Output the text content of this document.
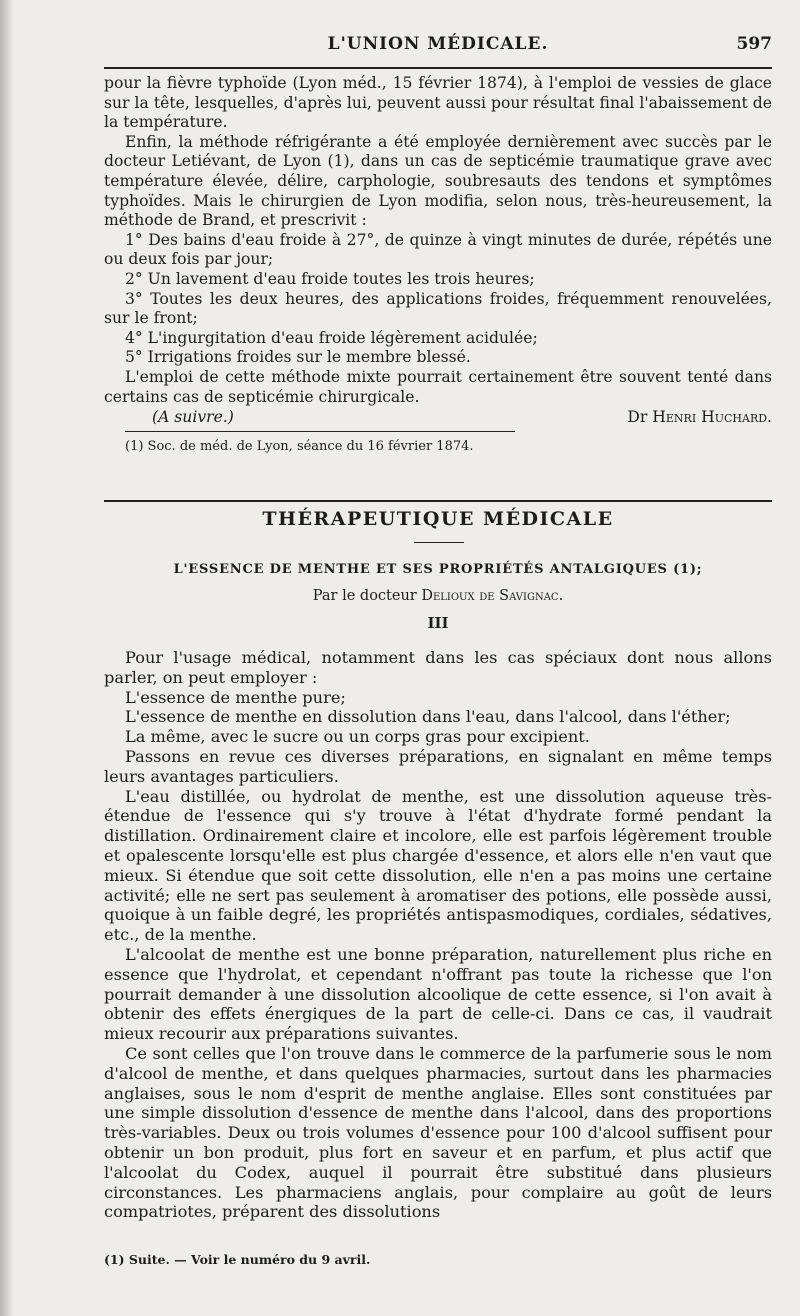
L'UNION MÉDICALE.	597

pour la fièvre typhoïde (Lyon méd., 15 février 1874), à l'emploi de vessies de glace sur la tête, lesquelles, d'après lui, peuvent aussi pour résultat final l'abaissement de la température.

Enfin, la méthode réfrigérante a été employée dernièrement avec succès par le docteur Letiévant, de Lyon (1), dans un cas de septicémie traumatique grave avec température élevée, délire, carphologie, soubresauts des tendons et symptômes typhoïdes. Mais le chirurgien de Lyon modifia, selon nous, très-heureusement, la méthode de Brand, et prescrivit :

1° Des bains d'eau froide à 27°, de quinze à vingt minutes de durée, répétés une ou deux fois par jour;

2° Un lavement d'eau froide toutes les trois heures;

3° Toutes les deux heures, des applications froides, fréquemment renouvelées, sur le front;

4° L'ingurgitation d'eau froide légèrement acidulée;

5° Irrigations froides sur le membre blessé.

L'emploi de cette méthode mixte pourrait certainement être souvent tenté dans certains cas de septicémie chirurgicale.

(A suivre.)	Dr Henri Huchard.

(1) Soc. de méd. de Lyon, séance du 16 février 1874.

THÉRAPEUTIQUE MÉDICALE
L'ESSENCE DE MENTHE ET SES PROPRIÉTÉS ANTALGIQUES (1);
Par le docteur Delioux de Savignac.
III

Pour l'usage médical, notamment dans les cas spéciaux dont nous allons parler, on peut employer :

L'essence de menthe pure;

L'essence de menthe en dissolution dans l'eau, dans l'alcool, dans l'éther;

La même, avec le sucre ou un corps gras pour excipient.

Passons en revue ces diverses préparations, en signalant en même temps leurs avantages particuliers.

L'eau distillée, ou hydrolat de menthe, est une dissolution aqueuse très-étendue de l'essence qui s'y trouve à l'état d'hydrate formé pendant la distillation. Ordinairement claire et incolore, elle est parfois légèrement trouble et opalescente lorsqu'elle est plus chargée d'essence, et alors elle n'en vaut que mieux. Si étendue que soit cette dissolution, elle n'en a pas moins une certaine activité; elle ne sert pas seulement à aromatiser des potions, elle possède aussi, quoique à un faible degré, les propriétés antispasmodiques, cordiales, sédatives, etc., de la menthe.

L'alcoolat de menthe est une bonne préparation, naturellement plus riche en essence que l'hydrolat, et cependant n'offrant pas toute la richesse que l'on pourrait demander à une dissolution alcoolique de cette essence, si l'on avait à obtenir des effets énergiques de la part de celle-ci. Dans ce cas, il vaudrait mieux recourir aux préparations suivantes.

Ce sont celles que l'on trouve dans le commerce de la parfumerie sous le nom d'alcool de menthe, et dans quelques pharmacies, surtout dans les pharmacies anglaises, sous le nom d'esprit de menthe anglaise. Elles sont constituées par une simple dissolution d'essence de menthe dans l'alcool, dans des proportions très-variables. Deux ou trois volumes d'essence pour 100 d'alcool suffisent pour obtenir un bon produit, plus fort en saveur et en parfum, et plus actif que l'alcoolat du Codex, auquel il pourrait être substitué dans plusieurs circonstances. Les pharmaciens anglais, pour complaire au goût de leurs compatriotes, préparent des dissolutions

(1) Suite. — Voir le numéro du 9 avril.
